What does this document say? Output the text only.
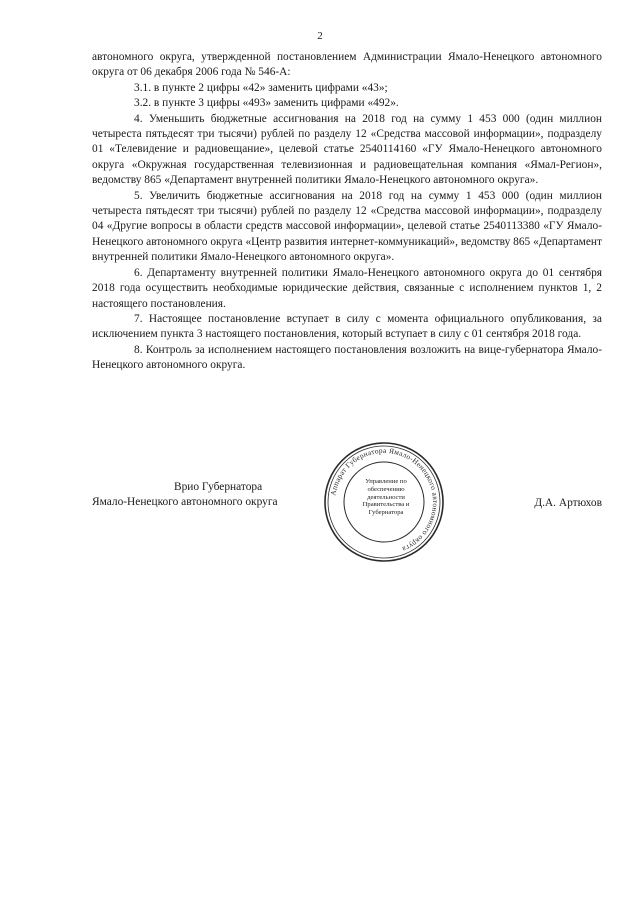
2

автономного округа, утвержденной постановлением Администрации Ямало-Ненецкого автономного округа от 06 декабря 2006 года № 546-А:

3.1. в пункте 2 цифры «42» заменить цифрами «43»;

3.2. в пункте 3 цифры «493» заменить цифрами «492».

4. Уменьшить бюджетные ассигнования на 2018 год на сумму 1 453 000 (один миллион четыреста пятьдесят три тысячи) рублей по разделу 12 «Средства массовой информации», подразделу 01 «Телевидение и радиовещание», целевой статье 2540114160 «ГУ Ямало-Ненецкого автономного округа «Окружная государственная телевизионная и радиовещательная компания «Ямал-Регион», ведомству 865 «Департамент внутренней политики Ямало-Ненецкого автономного округа».

5. Увеличить бюджетные ассигнования на 2018 год на сумму 1 453 000 (один миллион четыреста пятьдесят три тысячи) рублей по разделу 12 «Средства массовой информации», подразделу 04 «Другие вопросы в области средств массовой информации», целевой статье 2540113380 «ГУ Ямало-Ненецкого автономного округа «Центр развития интернет-коммуникаций», ведомству 865 «Департамент внутренней политики Ямало-Ненецкого автономного округа».

6. Департаменту внутренней политики Ямало-Ненецкого автономного округа до 01 сентября 2018 года осуществить необходимые юридические действия, связанные с исполнением пунктов 1, 2 настоящего постановления.

7. Настоящее постановление вступает в силу с момента официального опубликования, за исключением пункта 3 настоящего постановления, который вступает в силу с 01 сентября 2018 года.

8. Контроль за исполнением настоящего постановления возложить на вице-губернатора Ямало-Ненецкого автономного округа.

Врио Губернатора
Ямало-Ненецкого автономного округа
Аппарат Губернатора Ямало-Ненецкого автономного округа
Управление по обеспечению деятельности Правительства и Губернатора
Д.А. Артюхов
